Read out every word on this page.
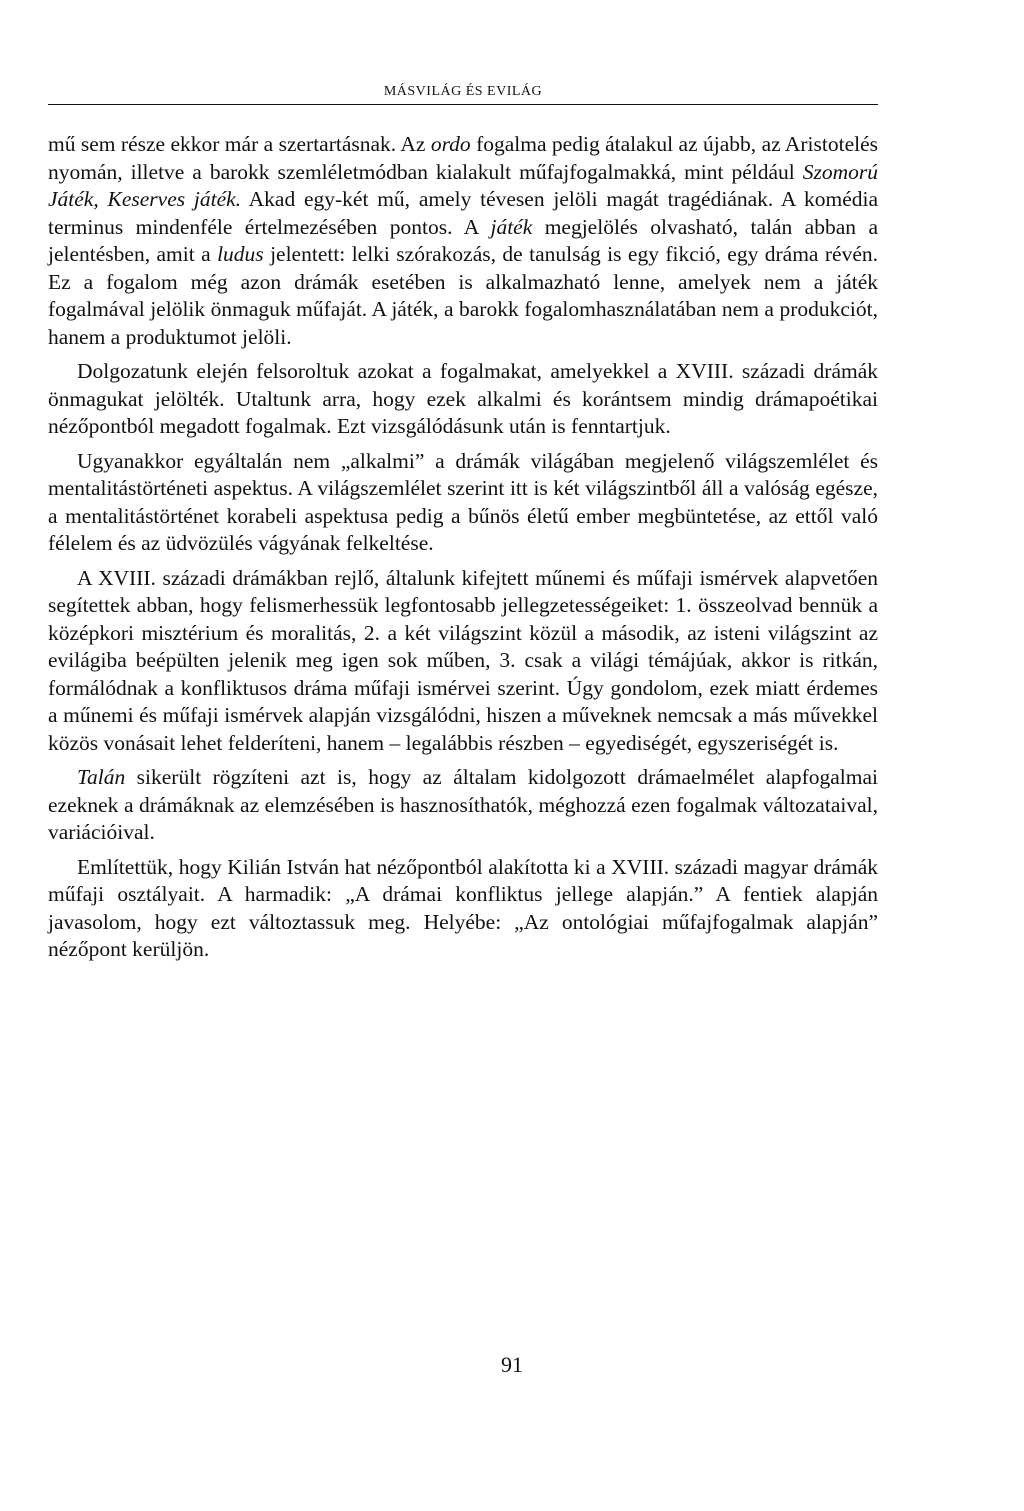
MÁSVILÁG ÉS EVILÁG

mű sem része ekkor már a szertartásnak. Az ordo fogalma pedig átalakul az újabb, az Aristotelés nyomán, illetve a barokk szemléletmódban kialakult műfajfogalmakká, mint például Szomorú Játék, Keserves játék. Akad egy-két mű, amely tévesen jelöli magát tragédiának. A komédia terminus mindenféle értelmezésében pontos. A játék megjelölés olvasható, talán abban a jelentésben, amit a ludus jelentett: lelki szórakozás, de tanulság is egy fikció, egy dráma révén. Ez a fogalom még azon drámák esetében is alkalmazható lenne, amelyek nem a játék fogalmával jelölik önmaguk műfaját. A játék, a barokk fogalomhasználatában nem a produkciót, hanem a produktumot jelöli.

Dolgozatunk elején felsoroltuk azokat a fogalmakat, amelyekkel a XVIII. századi drámák önmagukat jelölték. Utaltunk arra, hogy ezek alkalmi és korántsem mindig drámapoétikai nézőpontból megadott fogalmak. Ezt vizsgálódásunk után is fenntartjuk.

Ugyanakkor egyáltalán nem „alkalmi” a drámák világában megjelenő világszemlélet és mentalitástörténeti aspektus. A világszemlélet szerint itt is két világszintből áll a valóság egésze, a mentalitástörténet korabeli aspektusa pedig a bűnös életű ember megbüntetése, az ettől való félelem és az üdvözülés vágyának felkeltése.

A XVIII. századi drámákban rejlő, általunk kifejtett műnemi és műfaji ismérvek alapvetően segítettek abban, hogy felismerhessük legfontosabb jellegzetességeiket: 1. összeolvad bennük a középkori misztérium és moralitás, 2. a két világszint közül a második, az isteni világszint az evilágiba beépülten jelenik meg igen sok műben, 3. csak a világi témájúak, akkor is ritkán, formálódnak a konfliktusos dráma műfaji ismérvei szerint. Úgy gondolom, ezek miatt érdemes a műnemi és műfaji ismérvek alapján vizsgálódni, hiszen a műveknek nemcsak a más művekkel közös vonásait lehet felderíteni, hanem – legalábbis részben – egyediségét, egyszeriségét is.

Talán sikerült rögzíteni azt is, hogy az általam kidolgozott drámaelmélet alapfogalmai ezeknek a drámáknak az elemzésében is hasznosíthatók, méghozzá ezen fogalmak változataival, variációival.

Említettük, hogy Kilián István hat nézőpontból alakította ki a XVIII. századi magyar drámák műfaji osztályait. A harmadik: „A drámai konfliktus jellege alapján.” A fentiek alapján javasolom, hogy ezt változtassuk meg. Helyébe: „Az ontológiai műfajfogalmak alapján” nézőpont kerüljön.

91
